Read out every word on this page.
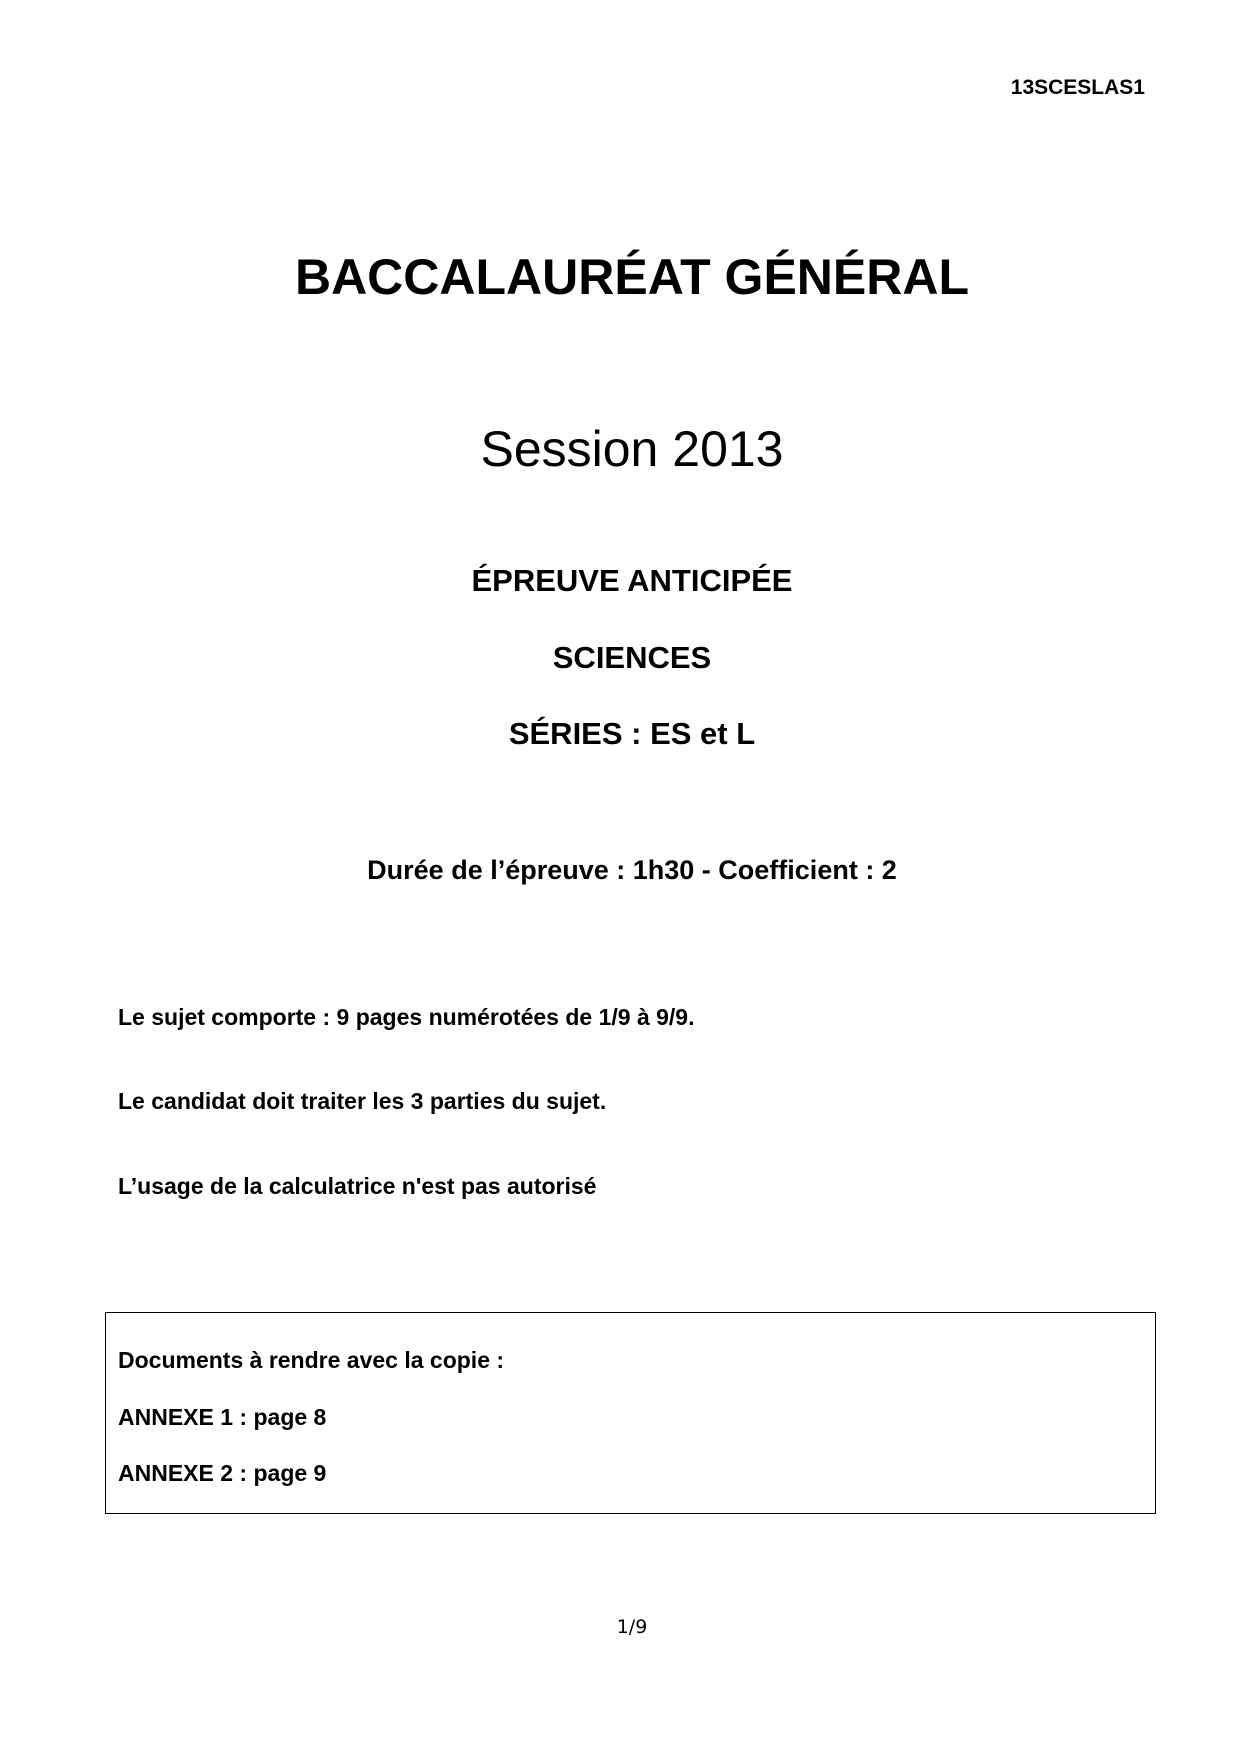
13SCESLAS1
BACCALAURÉAT GÉNÉRAL
Session 2013
ÉPREUVE ANTICIPÉE
SCIENCES
SÉRIES : ES et L
Durée de l’épreuve : 1h30 - Coefficient : 2
Le sujet comporte : 9 pages numérotées de 1/9 à 9/9.
Le candidat doit traiter les 3 parties du sujet.
L’usage de la calculatrice n'est pas autorisé
Documents à rendre avec la copie :
ANNEXE 1 : page 8
ANNEXE 2 : page 9
1/9
